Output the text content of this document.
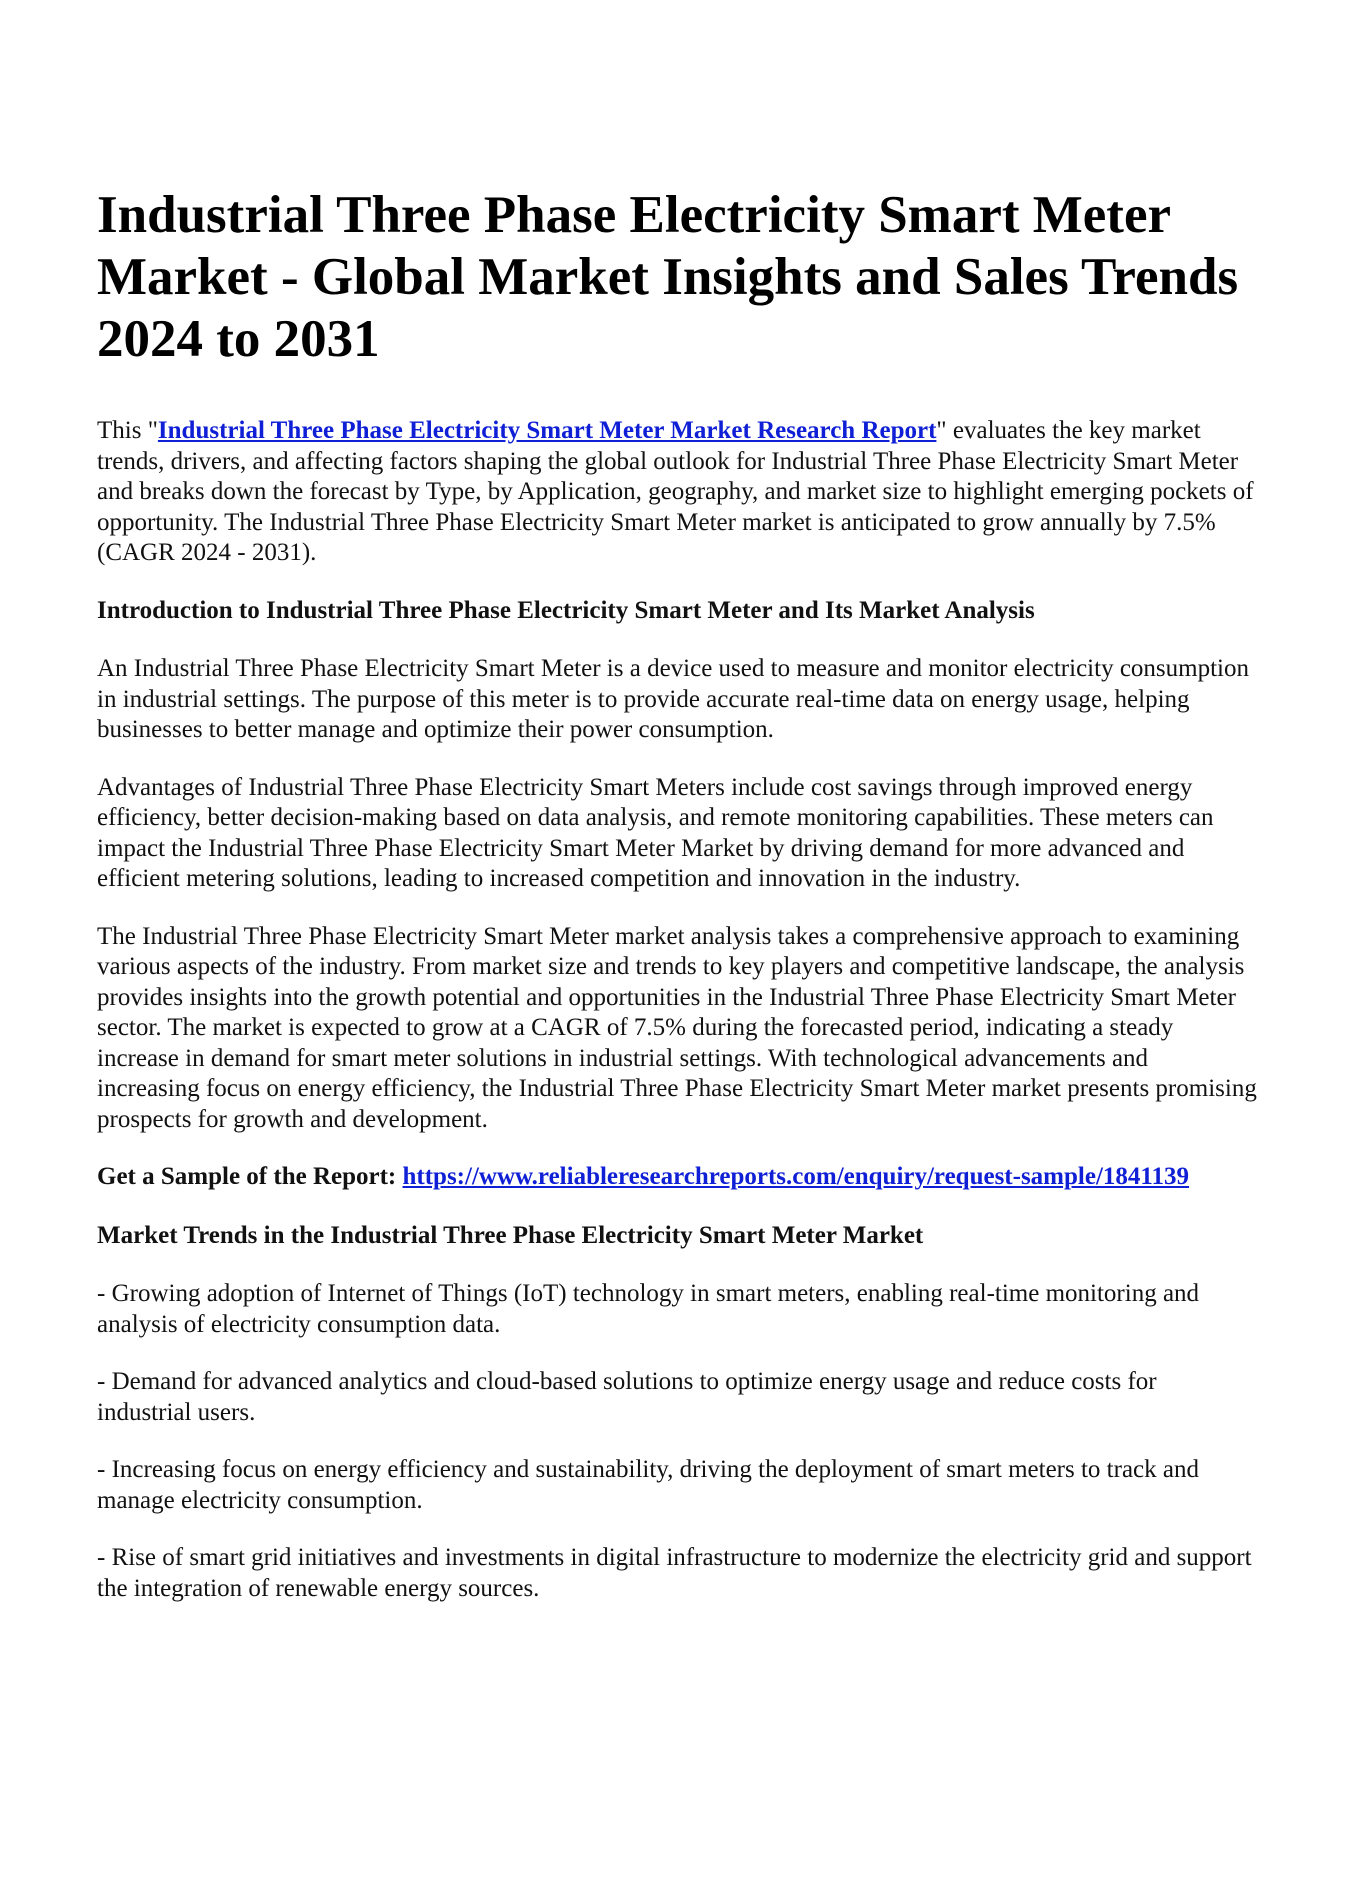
Industrial Three Phase Electricity Smart Meter Market - Global Market Insights and Sales Trends 2024 to 2031

This "Industrial Three Phase Electricity Smart Meter Market Research Report" evaluates the key market trends, drivers, and affecting factors shaping the global outlook for Industrial Three Phase Electricity Smart Meter and breaks down the forecast by Type, by Application, geography, and market size to highlight emerging pockets of opportunity. The Industrial Three Phase Electricity Smart Meter market is anticipated to grow annually by 7.5% (CAGR 2024 - 2031).

Introduction to Industrial Three Phase Electricity Smart Meter and Its Market Analysis

An Industrial Three Phase Electricity Smart Meter is a device used to measure and monitor electricity consumption in industrial settings. The purpose of this meter is to provide accurate real-time data on energy usage, helping businesses to better manage and optimize their power consumption.

Advantages of Industrial Three Phase Electricity Smart Meters include cost savings through improved energy efficiency, better decision-making based on data analysis, and remote monitoring capabilities. These meters can impact the Industrial Three Phase Electricity Smart Meter Market by driving demand for more advanced and efficient metering solutions, leading to increased competition and innovation in the industry.

The Industrial Three Phase Electricity Smart Meter market analysis takes a comprehensive approach to examining various aspects of the industry. From market size and trends to key players and competitive landscape, the analysis provides insights into the growth potential and opportunities in the Industrial Three Phase Electricity Smart Meter sector. The market is expected to grow at a CAGR of 7.5% during the forecasted period, indicating a steady increase in demand for smart meter solutions in industrial settings. With technological advancements and increasing focus on energy efficiency, the Industrial Three Phase Electricity Smart Meter market presents promising prospects for growth and development.

Get a Sample of the Report: https://www.reliableresearchreports.com/enquiry/request-sample/1841139

Market Trends in the Industrial Three Phase Electricity Smart Meter Market

- Growing adoption of Internet of Things (IoT) technology in smart meters, enabling real-time monitoring and analysis of electricity consumption data.

- Demand for advanced analytics and cloud-based solutions to optimize energy usage and reduce costs for industrial users.

- Increasing focus on energy efficiency and sustainability, driving the deployment of smart meters to track and manage electricity consumption.

- Rise of smart grid initiatives and investments in digital infrastructure to modernize the electricity grid and support the integration of renewable energy sources.
